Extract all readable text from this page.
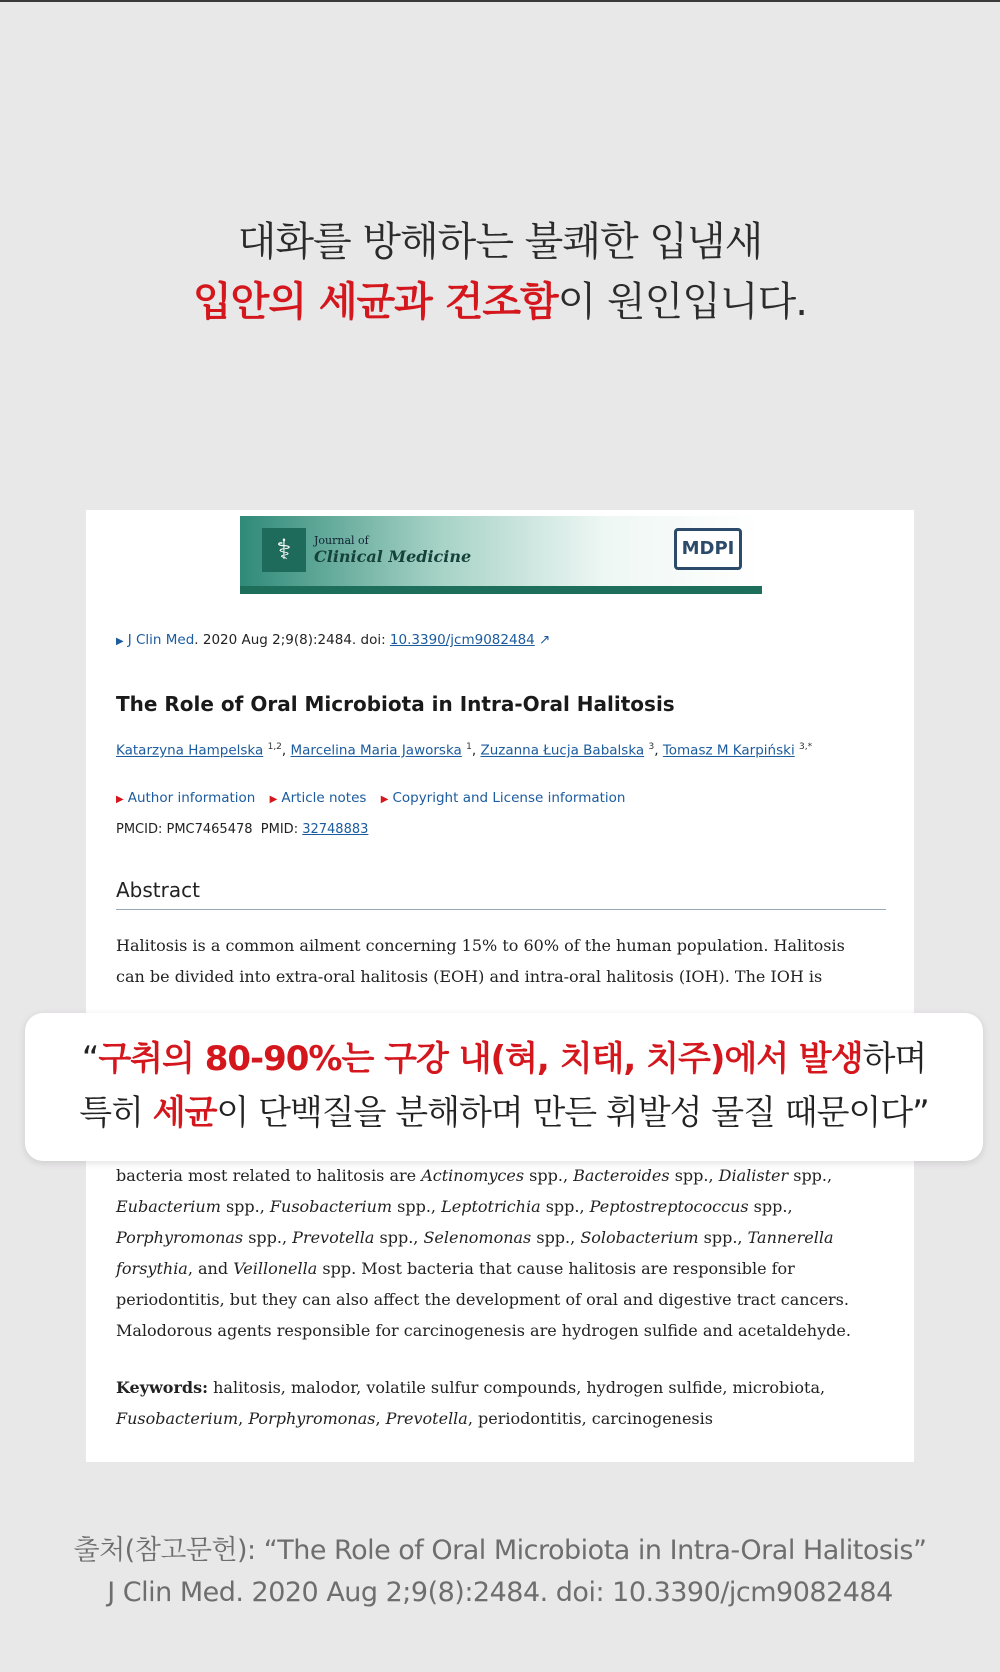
대화를 방해하는 불쾌한 입냄새
입안의 세균과 건조함이 원인입니다.
⚕	Journal of
Clinical Medicine	MDPI
▶ J Clin Med. 2020 Aug 2;9(8):2484. doi: 10.3390/jcm9082484 ↗
The Role of Oral Microbiota in Intra-Oral Halitosis
Katarzyna Hampelska $^{1,2}$, Marcelina Maria Jaworska $^1$, Zuzanna Łucja Babalska $^3$, Tomasz M Karpiński $^{3,*}$
▶ Author information ▶ Article notes ▶ Copyright and License information
PMCID: PMC7465478 PMID: 32748883
Abstract
Halitosis is a common ailment concerning 15% to 60% of the human population. Halitosis can be divided into extra-oral halitosis (EOH) and intra-oral halitosis (IOH). The IOH is
bacteria most related to halitosis are Actinomyces spp., Bacteroides spp., Dialister spp., Eubacterium spp., Fusobacterium spp., Leptotrichia spp., Peptostreptococcus spp., Porphyromonas spp., Prevotella spp., Selenomonas spp., Solobacterium spp., Tannerella forsythia, and Veillonella spp. Most bacteria that cause halitosis are responsible for periodontitis, but they can also affect the development of oral and digestive tract cancers. Malodorous agents responsible for carcinogenesis are hydrogen sulfide and acetaldehyde.
Keywords: halitosis, malodor, volatile sulfur compounds, hydrogen sulfide, microbiota, Fusobacterium, Porphyromonas, Prevotella, periodontitis, carcinogenesis
“구취의 80-90%는 구강 내(혀, 치태, 치주)에서 발생하며
특히 세균이 단백질을 분해하며 만든 휘발성 물질 때문이다”
출처(참고문헌): “The Role of Oral Microbiota in Intra-Oral Halitosis”
J Clin Med. 2020 Aug 2;9(8):2484. doi: 10.3390/jcm9082484
